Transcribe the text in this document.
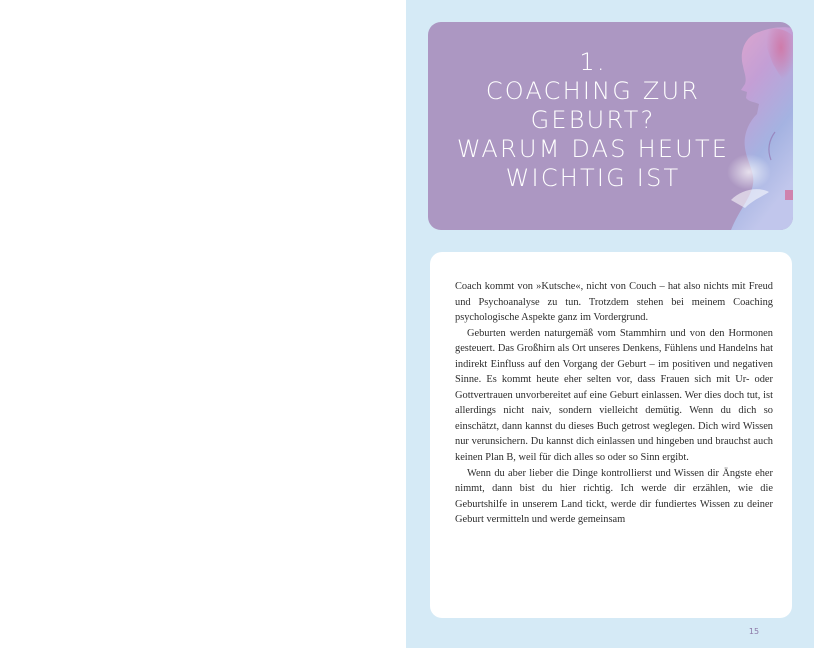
1.
COACHING ZUR
GEBURT?
WARUM DAS HEUTE
WICHTIG IST

Coach kommt von »Kutsche«, nicht von Couch – hat also nichts mit Freud und Psychoanalyse zu tun. Trotzdem stehen bei meinem Coaching psychologische Aspekte ganz im Vordergrund.

Geburten werden naturgemäß vom Stammhirn und von den Hormonen gesteuert. Das Großhirn als Ort unseres Denkens, Fühlens und Handelns hat indirekt Einfluss auf den Vorgang der Geburt – im positiven und negativen Sinne. Es kommt heute eher selten vor, dass Frauen sich mit Ur- oder Gottvertrauen unvorbereitet auf eine Geburt einlassen. Wer dies doch tut, ist allerdings nicht naiv, sondern vielleicht demütig. Wenn du dich so einschätzt, dann kannst du dieses Buch getrost weglegen. Dich wird Wissen nur verunsichern. Du kannst dich einlassen und hingeben und brauchst auch keinen Plan B, weil für dich alles so oder so Sinn ergibt.

Wenn du aber lieber die Dinge kontrollierst und Wissen dir Ängste eher nimmt, dann bist du hier richtig. Ich werde dir erzählen, wie die Geburtshilfe in unserem Land tickt, werde dir fundiertes Wissen zu deiner Geburt vermitteln und werde gemeinsam

15
